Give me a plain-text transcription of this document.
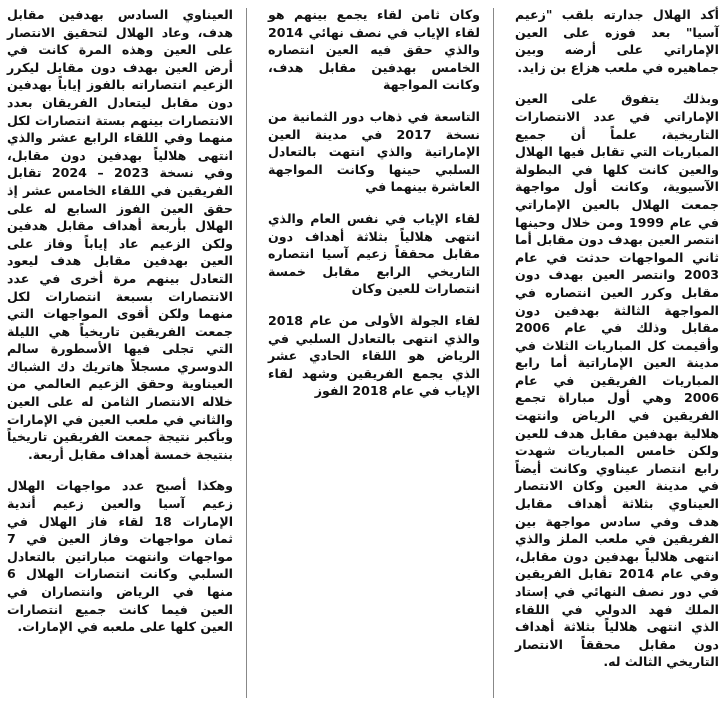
أكد الهلال جدارته بلقب "زعيم آسيا" بعد فوزه على العين الإماراتي على أرضه وبين جماهيره في ملعب هزاع بن زايد.

وبذلك يتفوق على العين الإماراتي في عدد الانتصارات التاريخية، علماً أن جميع المباريات التي تقابل فيها الهلال والعين كانت كلها في البطولة الآسيوية، وكانت أول مواجهة جمعت الهلال بالعين الإماراتي في عام 1999 ومن خلال وحينها انتصر العين بهدف دون مقابل أما ثاني المواجهات حدثت في عام 2003 وانتصر العين بهدف دون مقابل وكرر العين انتصاره في المواجهة الثالثة بهدفين دون مقابل وذلك في عام 2006 وأقيمت كل المباريات الثلاث في مدينة العين الإماراتية أما رابع المباريات الفريقين في عام 2006 وهي أول مباراة تجمع الفريقين في الرياض وانتهت هلالية بهدفين مقابل هدف للعين ولكن خامس المباريات شهدت رابع انتصار عيناوي وكانت أيضاً في مدينة العين وكان الانتصار العيناوي بثلاثة أهداف مقابل هدف وفي سادس مواجهة بين الفريقين في ملعب الملز والذي انتهى هلالياً بهدفين دون مقابل، وفي عام 2014 تقابل الفريقين في دور نصف النهائي في إستاد الملك فهد الدولي في اللقاء الذي انتهى هلالياً بثلاثة أهداف دون مقابل محققاً الانتصار التاريخي الثالث له.

وكان ثامن لقاء يجمع بينهم هو لقاء الإياب في نصف نهائي 2014 والذي حقق فيه العين انتصاره الخامس بهدفين مقابل هدف، وكانت المواجهة

التاسعة في ذهاب دور الثمانية من نسخة 2017 في مدينة العين الإماراتية والذي انتهت بالتعادل السلبي حينها وكانت المواجهة العاشرة بينهما في

لقاء الإياب في نفس العام والذي انتهى هلالياً بثلاثة أهداف دون مقابل محققاً زعيم آسيا انتصاره التاريخي الرابع مقابل خمسة انتصارات للعين وكان

لقاء الجولة الأولى من عام 2018 والذي انتهى بالتعادل السلبي في الرياض هو اللقاء الحادي عشر الذي يجمع الفريقين وشهد لقاء الإياب في عام 2018 الفوز

العيناوي السادس بهدفين مقابل هدف، وعاد الهلال لتحقيق الانتصار على العين وهذه المرة كانت في أرض العين بهدف دون مقابل ليكرر الزعيم انتصاراته بالفوز إياباً بهدفين دون مقابل ليتعادل الفريقان بعدد الانتصارات بينهم بستة انتصارات لكل منهما وفي اللقاء الرابع عشر والذي انتهى هلالياً بهدفين دون مقابل، وفي نسخة 2023 – 2024 تقابل الفريقين في اللقاء الخامس عشر إذ حقق العين الفوز السابع له على الهلال بأربعة أهداف مقابل هدفين ولكن الزعيم عاد إياباً وفاز على العين بهدفين مقابل هدف ليعود التعادل بينهم مرة أخرى في عدد الانتصارات بسبعة انتصارات لكل منهما ولكن أقوى المواجهات التي جمعت الفريقين تاريخياً هي الليلة التي تجلى فيها الأسطورة سالم الدوسري مسجلاً هاتريك دك الشباك العيناوية وحقق الزعيم العالمي من خلاله الانتصار الثامن له على العين والثاني في ملعب العين في الإمارات وبأكبر نتيجة جمعت الفريقين تاريخياً بنتيجة خمسة أهداف مقابل أربعة.

وهكذا أصبح عدد مواجهات الهلال زعيم آسيا والعين زعيم أندية الإمارات 18 لقاء فاز الهلال في ثمان مواجهات وفاز العين في 7 مواجهات وانتهت مباراتين بالتعادل السلبي وكانت انتصارات الهلال 6 منها في الرياض وانتصاران في العين فيما كانت جميع انتصارات العين كلها على ملعبه في الإمارات.
